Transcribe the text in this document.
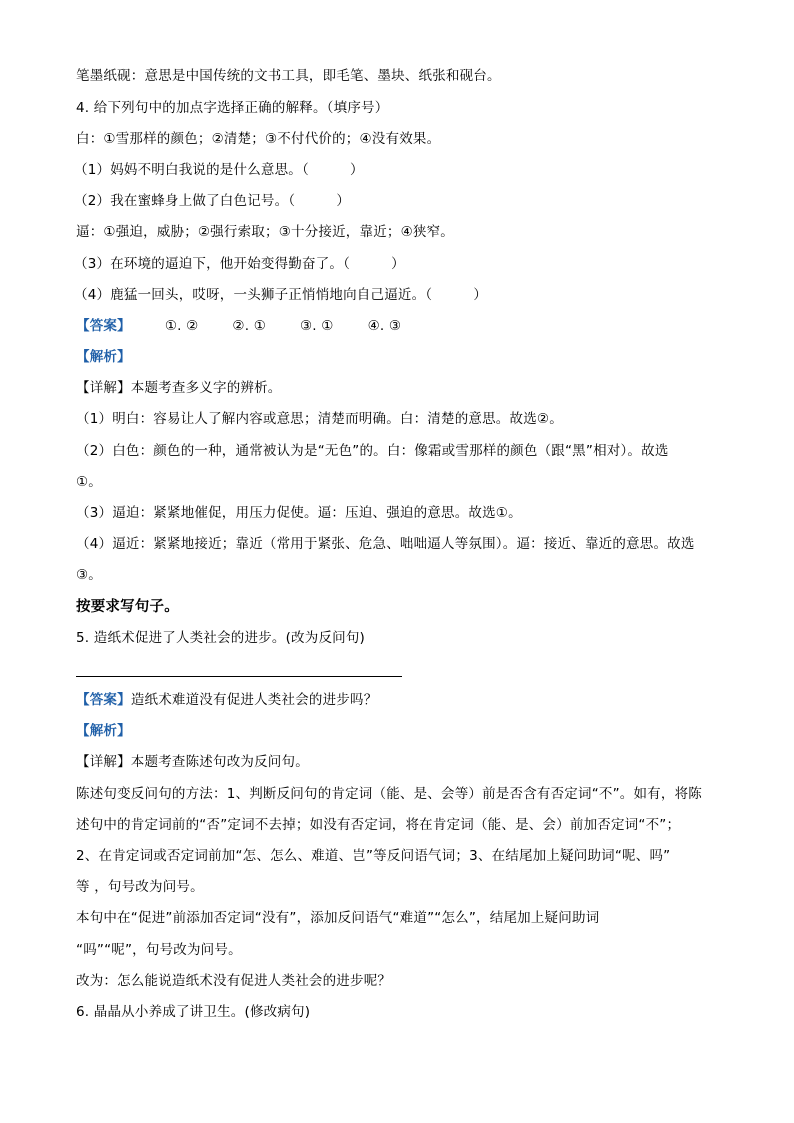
笔墨纸砚：意思是中国传统的文书工具，即毛笔、墨块、纸张和砚台。
4. 给下列句中的加点字选择正确的解释。（填序号）
白：①雪那样的颜色；②清楚；③不付代价的；④没有效果。
（1）妈妈不明白我说的是什么意思。（　　　）
（2）我在蜜蜂身上做了白色记号。（　　　）
逼：①强迫，威胁；②强行索取；③十分接近，靠近；④狭窄。
（3）在环境的逼迫下，他开始变得勤奋了。（　　　）
（4）鹿猛一回头，哎呀，一头狮子正悄悄地向自己逼近。（　　　）
【答案】	①. ②	②. ①	③. ①	④. ③
【解析】
【详解】本题考查多义字的辨析。
（1）明白：容易让人了解内容或意思；清楚而明确。白：清楚的意思。故选②。
（2）白色：颜色的一种，通常被认为是“无色”的。白：像霜或雪那样的颜色（跟“黑”相对）。故选
①。
（3）逼迫：紧紧地催促，用压力促使。逼：压迫、强迫的意思。故选①。
（4）逼近：紧紧地接近；靠近（常用于紧张、危急、咄咄逼人等氛围）。逼：接近、靠近的意思。故选
③。
按要求写句子。
5. 造纸术促进了人类社会的进步。(改为反问句)
【答案】造纸术难道没有促进人类社会的进步吗？
【解析】
【详解】本题考查陈述句改为反问句。
陈述句变反问句的方法：1、判断反问句的肯定词（能、是、会等）前是否含有否定词“不”。如有，将陈
述句中的肯定词前的“否”定词不去掉；如没有否定词，将在肯定词（能、是、会）前加否定词“不”；
2、在肯定词或否定词前加“怎、怎么、难道、岂”等反问语气词；3、在结尾加上疑问助词“呢、吗”
等 ，句号改为问号。
本句中在“促进”前添加否定词“没有”，添加反问语气“难道”“怎么”，结尾加上疑问助词
“吗”“呢”，句号改为问号。
改为：怎么能说造纸术没有促进人类社会的进步呢？
6. 晶晶从小养成了讲卫生。(修改病句)
